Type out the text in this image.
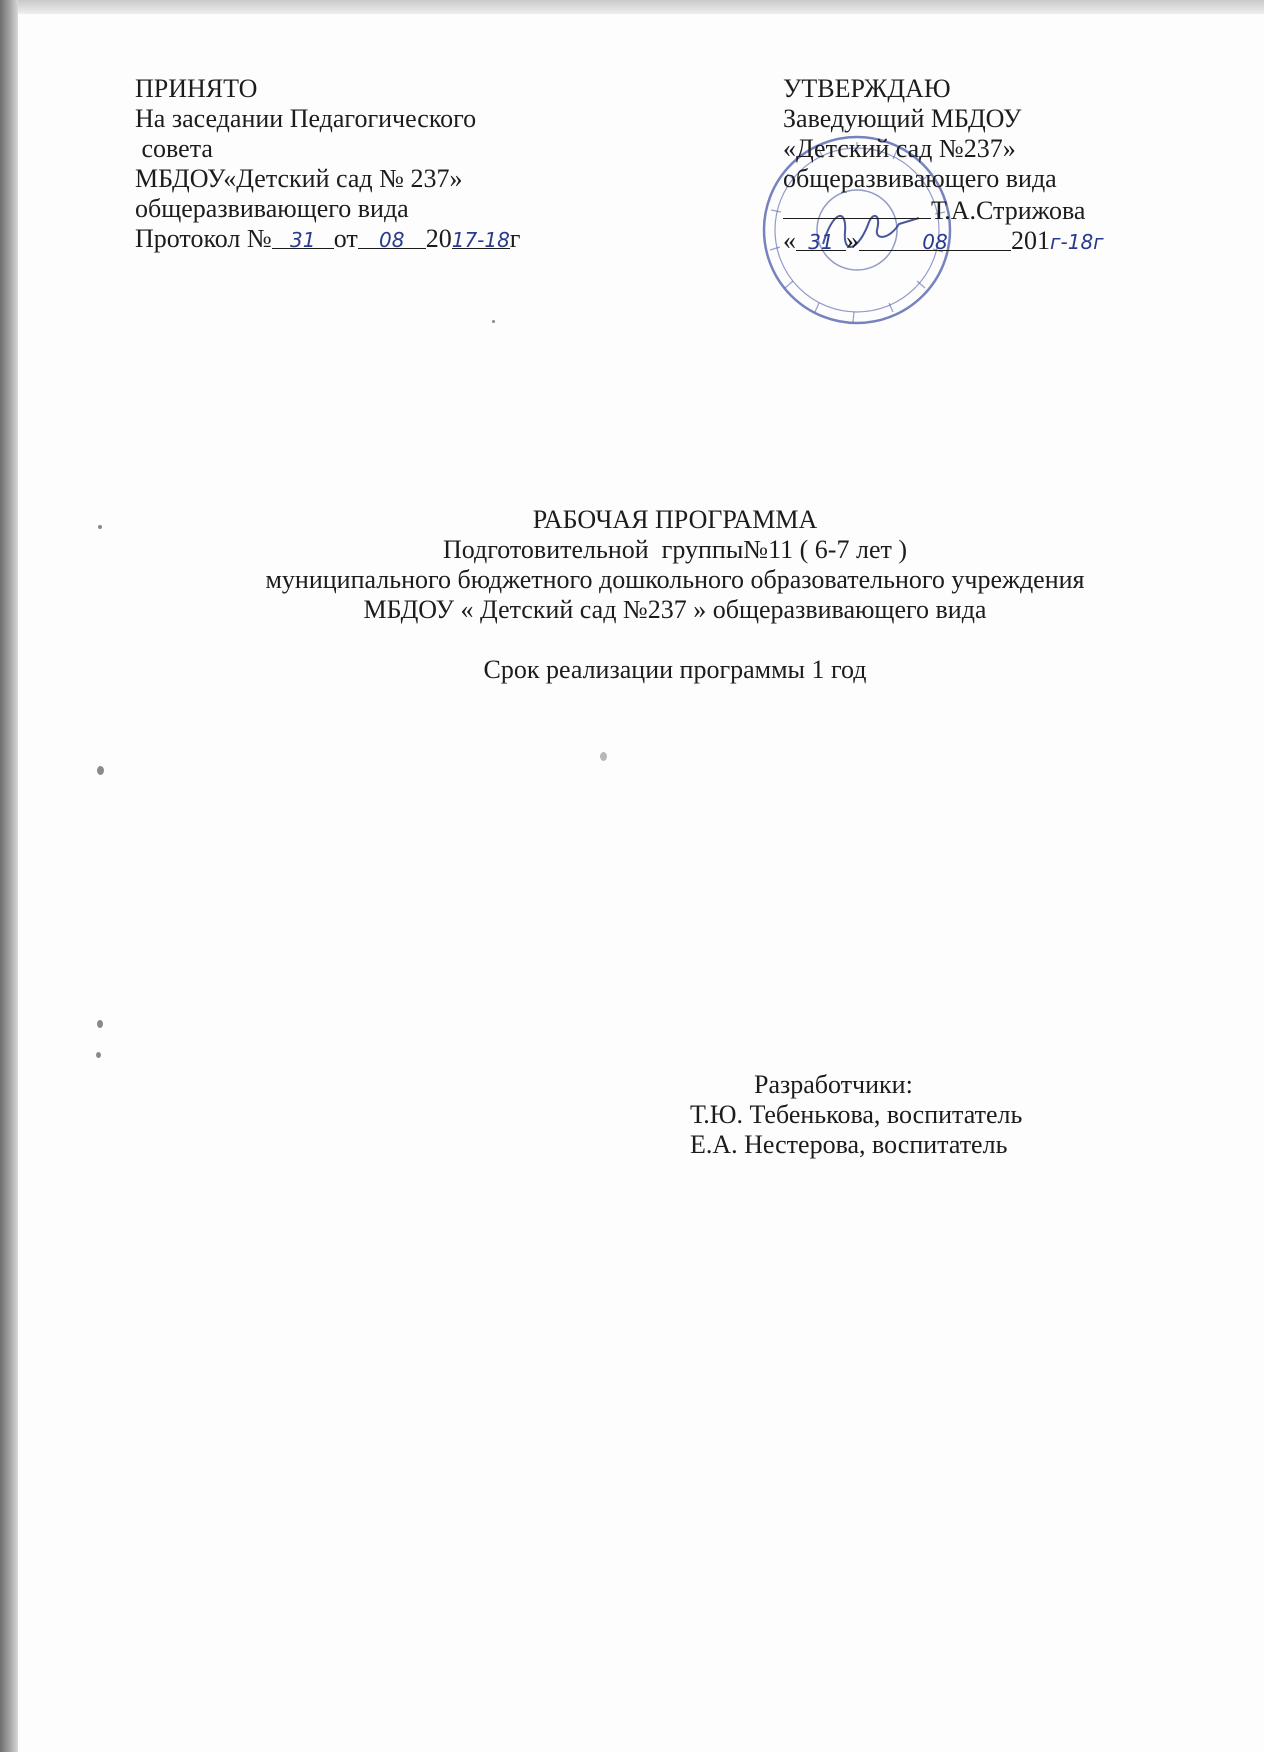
ПРИНЯТО
На заседании Педагогического
совета
МБДОУ«Детский сад № 237»
общеразвивающего вида
Протокол № 31 от 08 2017-18г
УТВЕРЖДАЮ
Заведующий МБДОУ
«Детский сад №237»
общеразвивающего вида
Т.А.Стрижова
« 31 »	08 201г-18г
РАБОЧАЯ ПРОГРАММА
Подготовительной  группы№11 ( 6-7 лет )
муниципального бюджетного дошкольного образовательного учреждения
МБДОУ « Детский сад №237 » общеразвивающего вида
Срок реализации программы 1 год
Разработчики:
Т.Ю. Тебенькова, воспитатель
Е.А. Нестерова, воспитатель
